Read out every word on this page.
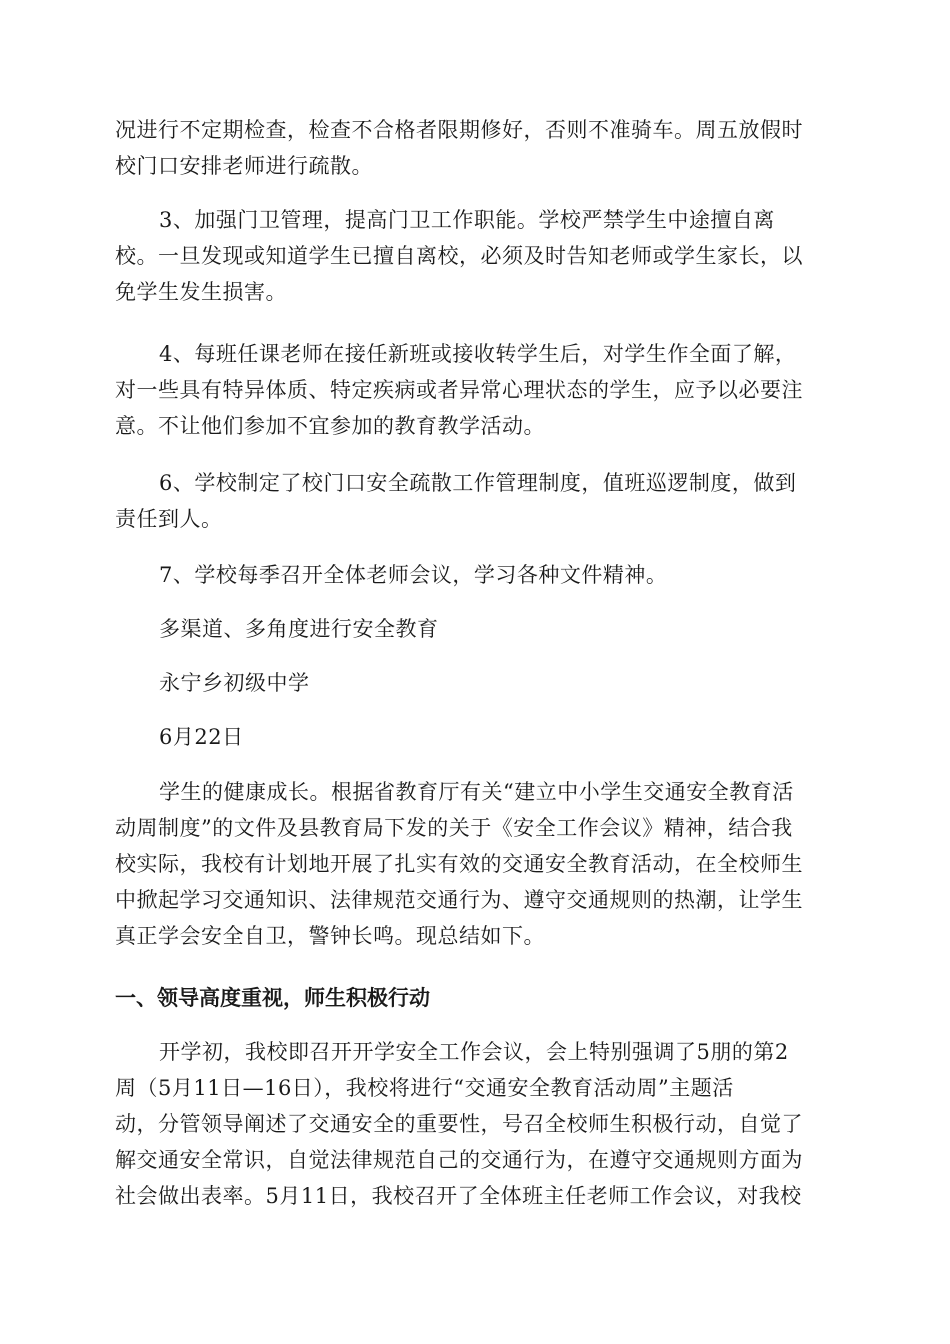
况进行不定期检查，检查不合格者限期修好，否则不准骑车。周五放假时
校门口安排老师进行疏散。

3、加强门卫管理，提高门卫工作职能。学校严禁学生中途擅自离
校。一旦发现或知道学生已擅自离校，必须及时告知老师或学生家长，以
免学生发生损害。

4、每班任课老师在接任新班或接收转学生后，对学生作全面了解，
对一些具有特异体质、特定疾病或者异常心理状态的学生，应予以必要注
意。不让他们参加不宜参加的教育教学活动。

6、学校制定了校门口安全疏散工作管理制度，值班巡逻制度，做到
责任到人。

7、学校每季召开全体老师会议，学习各种文件精神。

多渠道、多角度进行安全教育

永宁乡初级中学

6月22日

学生的健康成长。根据省教育厅有关“建立中小学生交通安全教育活
动周制度”的文件及县教育局下发的关于《安全工作会议》精神，结合我
校实际，我校有计划地开展了扎实有效的交通安全教育活动，在全校师生
中掀起学习交通知识、法律规范交通行为、遵守交通规则的热潮，让学生
真正学会安全自卫，警钟长鸣。现总结如下。

一、领导高度重视，师生积极行动

开学初，我校即召开开学安全工作会议，会上特别强调了5朋的第2
周（5月11日—16日），我校将进行“交通安全教育活动周”主题活
动，分管领导阐述了交通安全的重要性，号召全校师生积极行动，自觉了
解交通安全常识，自觉法律规范自己的交通行为，在遵守交通规则方面为
社会做出表率。5月11日，我校召开了全体班主任老师工作会议，对我校
